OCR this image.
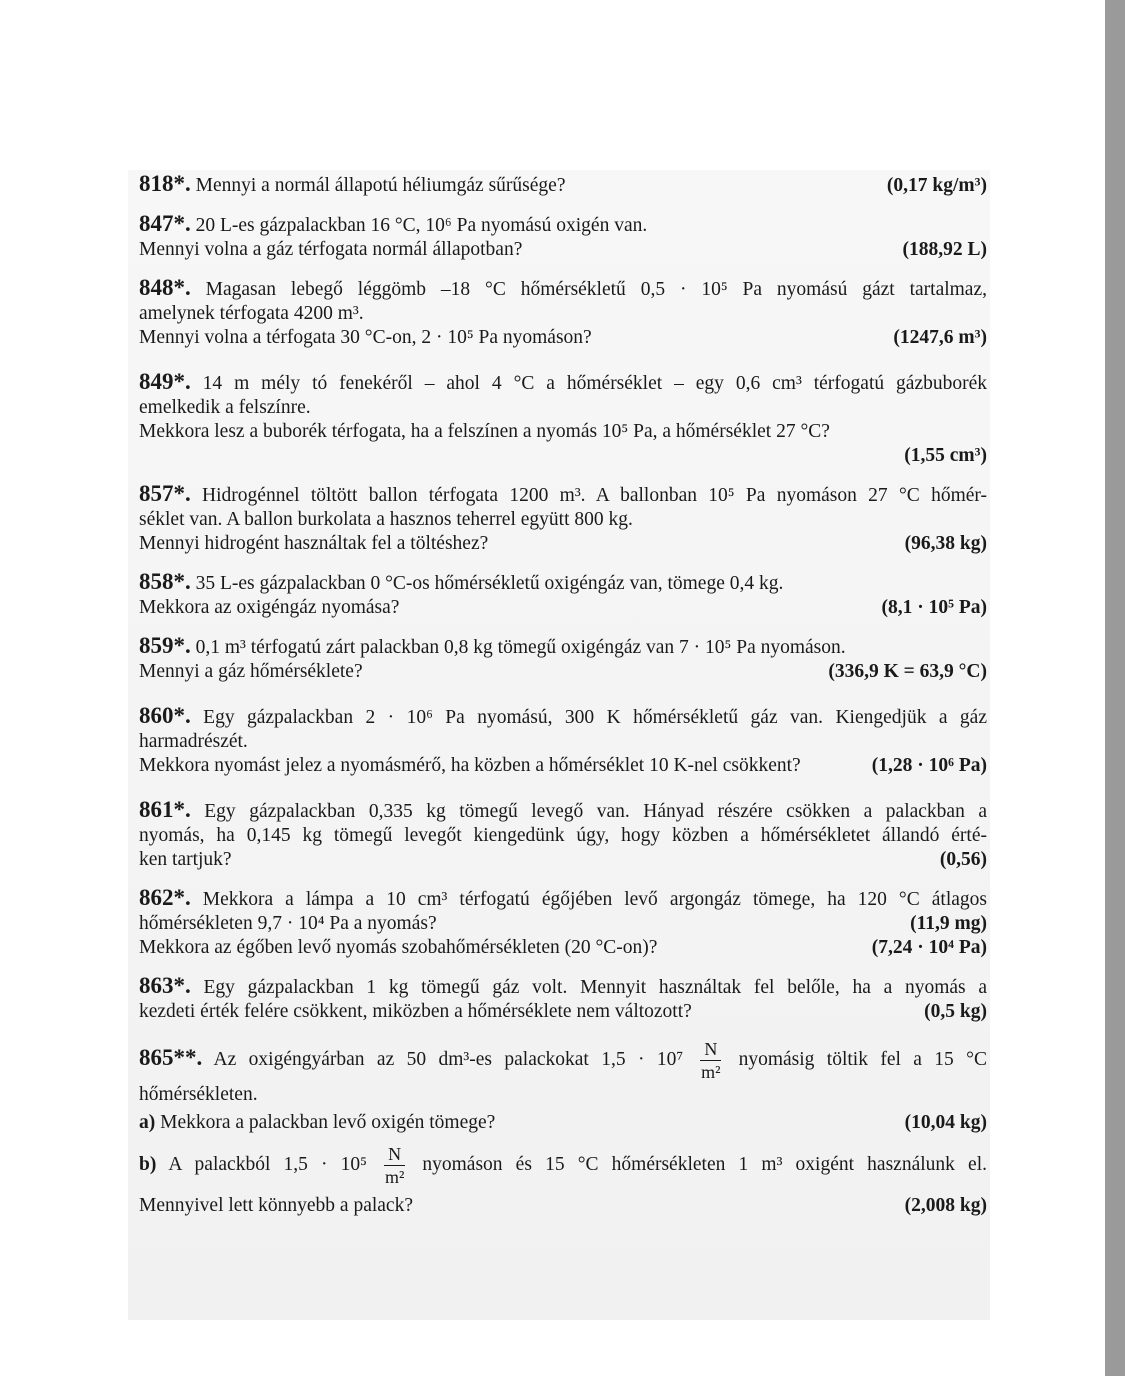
818*. Mennyi a normál állapotú héliumgáz sűrűsége?	(0,17 kg/m³)
847*. 20 L-es gázpalackban 16 °C, 10⁶ Pa nyomású oxigén van.
Mennyi volna a gáz térfogata normál állapotban?	(188,92 L)
848*. Magasan lebegő léggömb –18 °C hőmérsékletű 0,5 · 10⁵ Pa nyomású gázt tartalmaz,
amelynek térfogata 4200 m³.
Mennyi volna a térfogata 30 °C-on, 2 · 10⁵ Pa nyomáson?	(1247,6 m³)
849*. 14 m mély tó fenekéről – ahol 4 °C a hőmérséklet – egy 0,6 cm³ térfogatú gázbuborék
emelkedik a felszínre.
Mekkora lesz a buborék térfogata, ha a felszínen a nyomás 10⁵ Pa, a hőmérséklet 27 °C?
(1,55 cm³)
857*. Hidrogénnel töltött ballon térfogata 1200 m³. A ballonban 10⁵ Pa nyomáson 27 °C hőmér-
séklet van. A ballon burkolata a hasznos teherrel együtt 800 kg.
Mennyi hidrogént használtak fel a töltéshez?	(96,38 kg)
858*. 35 L-es gázpalackban 0 °C-os hőmérsékletű oxigéngáz van, tömege 0,4 kg.
Mekkora az oxigéngáz nyomása?	(8,1 · 10⁵ Pa)
859*. 0,1 m³ térfogatú zárt palackban 0,8 kg tömegű oxigéngáz van 7 · 10⁵ Pa nyomáson.
Mennyi a gáz hőmérséklete?	(336,9 K = 63,9 °C)
860*. Egy gázpalackban 2 · 10⁶ Pa nyomású, 300 K hőmérsékletű gáz van. Kiengedjük a gáz
harmadrészét.
Mekkora nyomást jelez a nyomásmérő, ha közben a hőmérséklet 10 K-nel csökkent?	(1,28 · 10⁶ Pa)
861*. Egy gázpalackban 0,335 kg tömegű levegő van. Hányad részére csökken a palackban a
nyomás, ha 0,145 kg tömegű levegőt kiengedünk úgy, hogy közben a hőmérsékletet állandó érté-
ken tartjuk?	(0,56)
862*. Mekkora a lámpa a 10 cm³ térfogatú égőjében levő argongáz tömege, ha 120 °C átlagos
hőmérsékleten 9,7 · 10⁴ Pa a nyomás?	(11,9 mg)
Mekkora az égőben levő nyomás szobahőmérsékleten (20 °C-on)?	(7,24 · 10⁴ Pa)
863*. Egy gázpalackban 1 kg tömegű gáz volt. Mennyit használtak fel belőle, ha a nyomás a
kezdeti érték felére csökkent, miközben a hőmérséklete nem változott?	(0,5 kg)
865**. Az oxigéngyárban az 50 dm³-es palackokat $1,5 \cdot 10^7 \frac{N}{\text{m²}}$ nyomásig töltik fel a 15 °C
hőmérsékleten.
a) Mekkora a palackban levő oxigén tömege?	(10,04 kg)
b) A palackból $1,5 \cdot 10^5 \frac{N}{\text{m²}}$ nyomáson és 15 °C hőmérsékleten 1 m³ oxigént használunk el.
Mennyivel lett könnyebb a palack?	(2,008 kg)
